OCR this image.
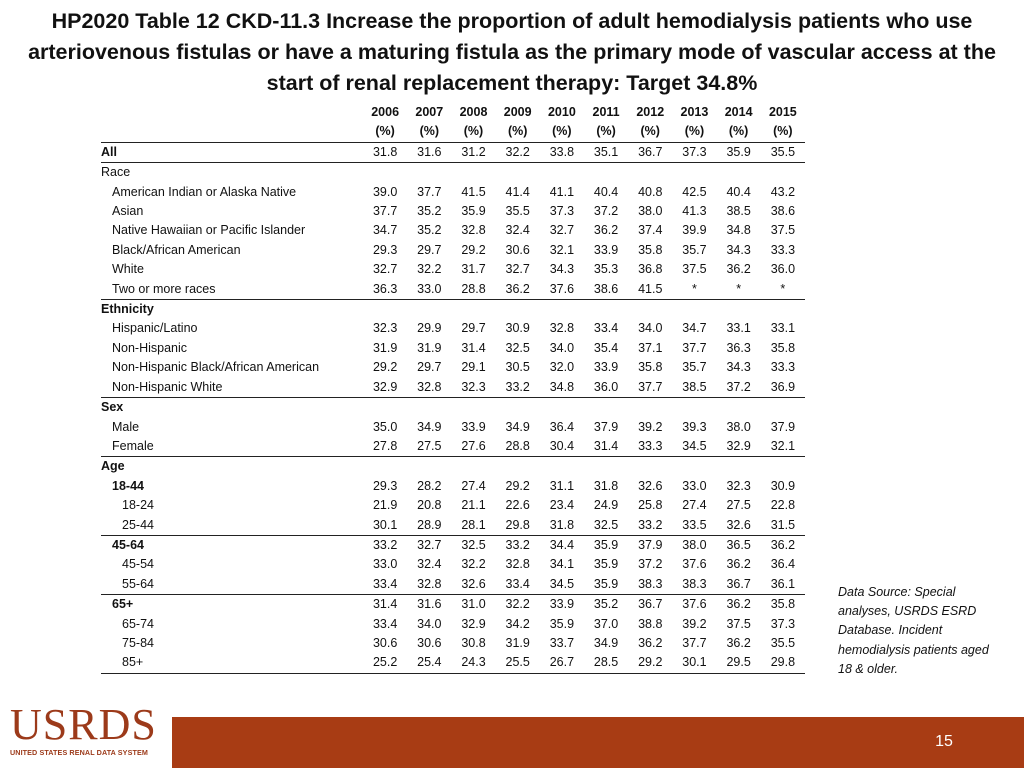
HP2020 Table 12 CKD-11.3 Increase the proportion of adult hemodialysis patients who use
arteriovenous fistulas or have a maturing fistula as the primary mode of vascular access at the
start of renal replacement therapy: Target 34.8%
	2006	2007	2008	2009	2010	2011	2012	2013	2014	2015
	(%)	(%)	(%)	(%)	(%)	(%)	(%)	(%)	(%)	(%)
All	31.8	31.6	31.2	32.2	33.8	35.1	36.7	37.3	35.9	35.5
Race										
American Indian or Alaska Native	39.0	37.7	41.5	41.4	41.1	40.4	40.8	42.5	40.4	43.2
Asian	37.7	35.2	35.9	35.5	37.3	37.2	38.0	41.3	38.5	38.6
Native Hawaiian or Pacific Islander	34.7	35.2	32.8	32.4	32.7	36.2	37.4	39.9	34.8	37.5
Black/African American	29.3	29.7	29.2	30.6	32.1	33.9	35.8	35.7	34.3	33.3
White	32.7	32.2	31.7	32.7	34.3	35.3	36.8	37.5	36.2	36.0
Two or more races	36.3	33.0	28.8	36.2	37.6	38.6	41.5	*	*	*
Ethnicity										
Hispanic/Latino	32.3	29.9	29.7	30.9	32.8	33.4	34.0	34.7	33.1	33.1
Non-Hispanic	31.9	31.9	31.4	32.5	34.0	35.4	37.1	37.7	36.3	35.8
Non-Hispanic Black/African American	29.2	29.7	29.1	30.5	32.0	33.9	35.8	35.7	34.3	33.3
Non-Hispanic White	32.9	32.8	32.3	33.2	34.8	36.0	37.7	38.5	37.2	36.9
Sex										
Male	35.0	34.9	33.9	34.9	36.4	37.9	39.2	39.3	38.0	37.9
Female	27.8	27.5	27.6	28.8	30.4	31.4	33.3	34.5	32.9	32.1
Age										
18-44	29.3	28.2	27.4	29.2	31.1	31.8	32.6	33.0	32.3	30.9
18-24	21.9	20.8	21.1	22.6	23.4	24.9	25.8	27.4	27.5	22.8
25-44	30.1	28.9	28.1	29.8	31.8	32.5	33.2	33.5	32.6	31.5
45-64	33.2	32.7	32.5	33.2	34.4	35.9	37.9	38.0	36.5	36.2
45-54	33.0	32.4	32.2	32.8	34.1	35.9	37.2	37.6	36.2	36.4
55-64	33.4	32.8	32.6	33.4	34.5	35.9	38.3	38.3	36.7	36.1
65+	31.4	31.6	31.0	32.2	33.9	35.2	36.7	37.6	36.2	35.8
65-74	33.4	34.0	32.9	34.2	35.9	37.0	38.8	39.2	37.5	37.3
75-84	30.6	30.6	30.8	31.9	33.7	34.9	36.2	37.7	36.2	35.5
85+	25.2	25.4	24.3	25.5	26.7	28.5	29.2	30.1	29.5	29.8
Data Source: Special analyses, USRDS ESRD Database. Incident hemodialysis patients aged 18 & older.
USRDS
UNITED STATES RENAL DATA SYSTEM
15
